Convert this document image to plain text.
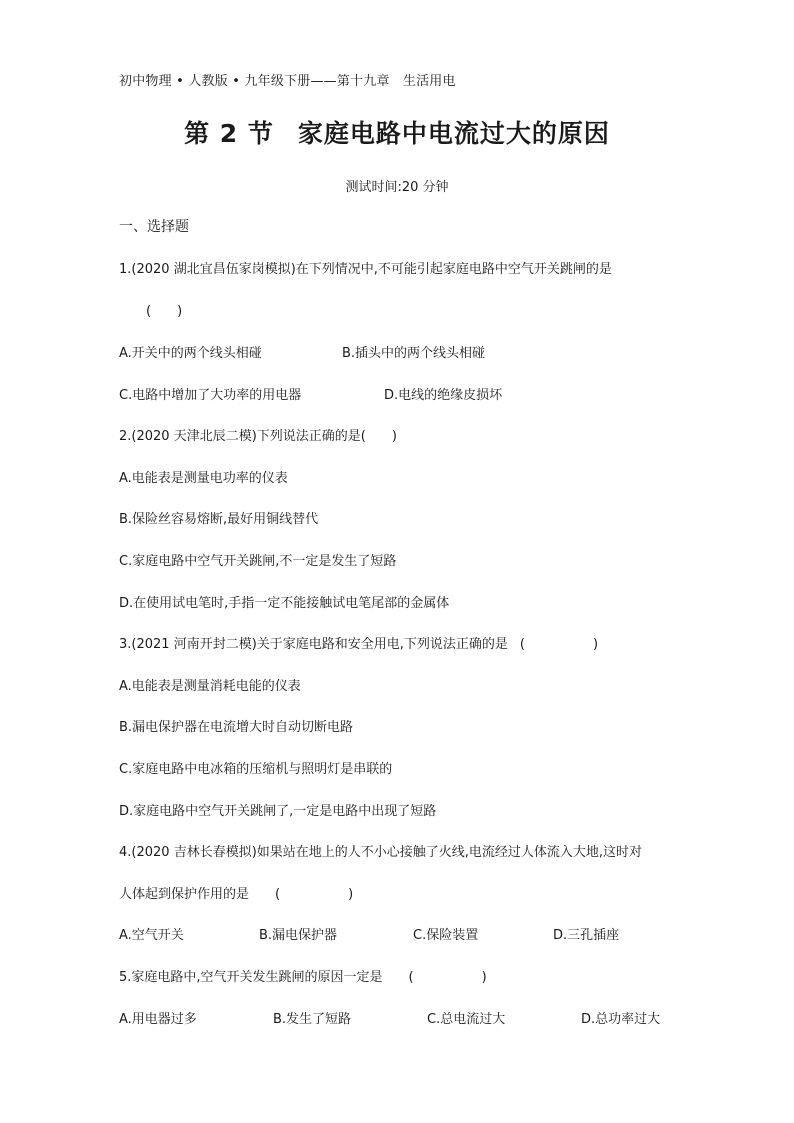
初中物理 • 人教版 • 九年级下册——第十九章　生活用电
第 2 节 家庭电路中电流过大的原因
测试时间:20 分钟
一、选择题
1.(2020 湖北宜昌伍家岗模拟)在下列情况中,不可能引起家庭电路中空气开关跳闸的是
(　　)
A.开关中的两个线头相碰	B.插头中的两个线头相碰
C.电路中增加了大功率的用电器	D.电线的绝缘皮损坏
2.(2020 天津北辰二模)下列说法正确的是(　　)
A.电能表是测量电功率的仪表
B.保险丝容易熔断,最好用铜线替代
C.家庭电路中空气开关跳闸,不一定是发生了短路
D.在使用试电笔时,手指一定不能接触试电笔尾部的金属体
3.(2021 河南开封二模)关于家庭电路和安全用电,下列说法正确的是 (　　)
A.电能表是测量消耗电能的仪表
B.漏电保护器在电流增大时自动切断电路
C.家庭电路中电冰箱的压缩机与照明灯是串联的
D.家庭电路中空气开关跳闸了,一定是电路中出现了短路
4.(2020 吉林长春模拟)如果站在地上的人不小心接触了火线,电流经过人体流入大地,这时对
人体起到保护作用的是 (　　)
A.空气开关	B.漏电保护器	C.保险装置	D.三孔插座
5.家庭电路中,空气开关发生跳闸的原因一定是 (　　)
A.用电器过多	B.发生了短路	C.总电流过大	D.总功率过大
